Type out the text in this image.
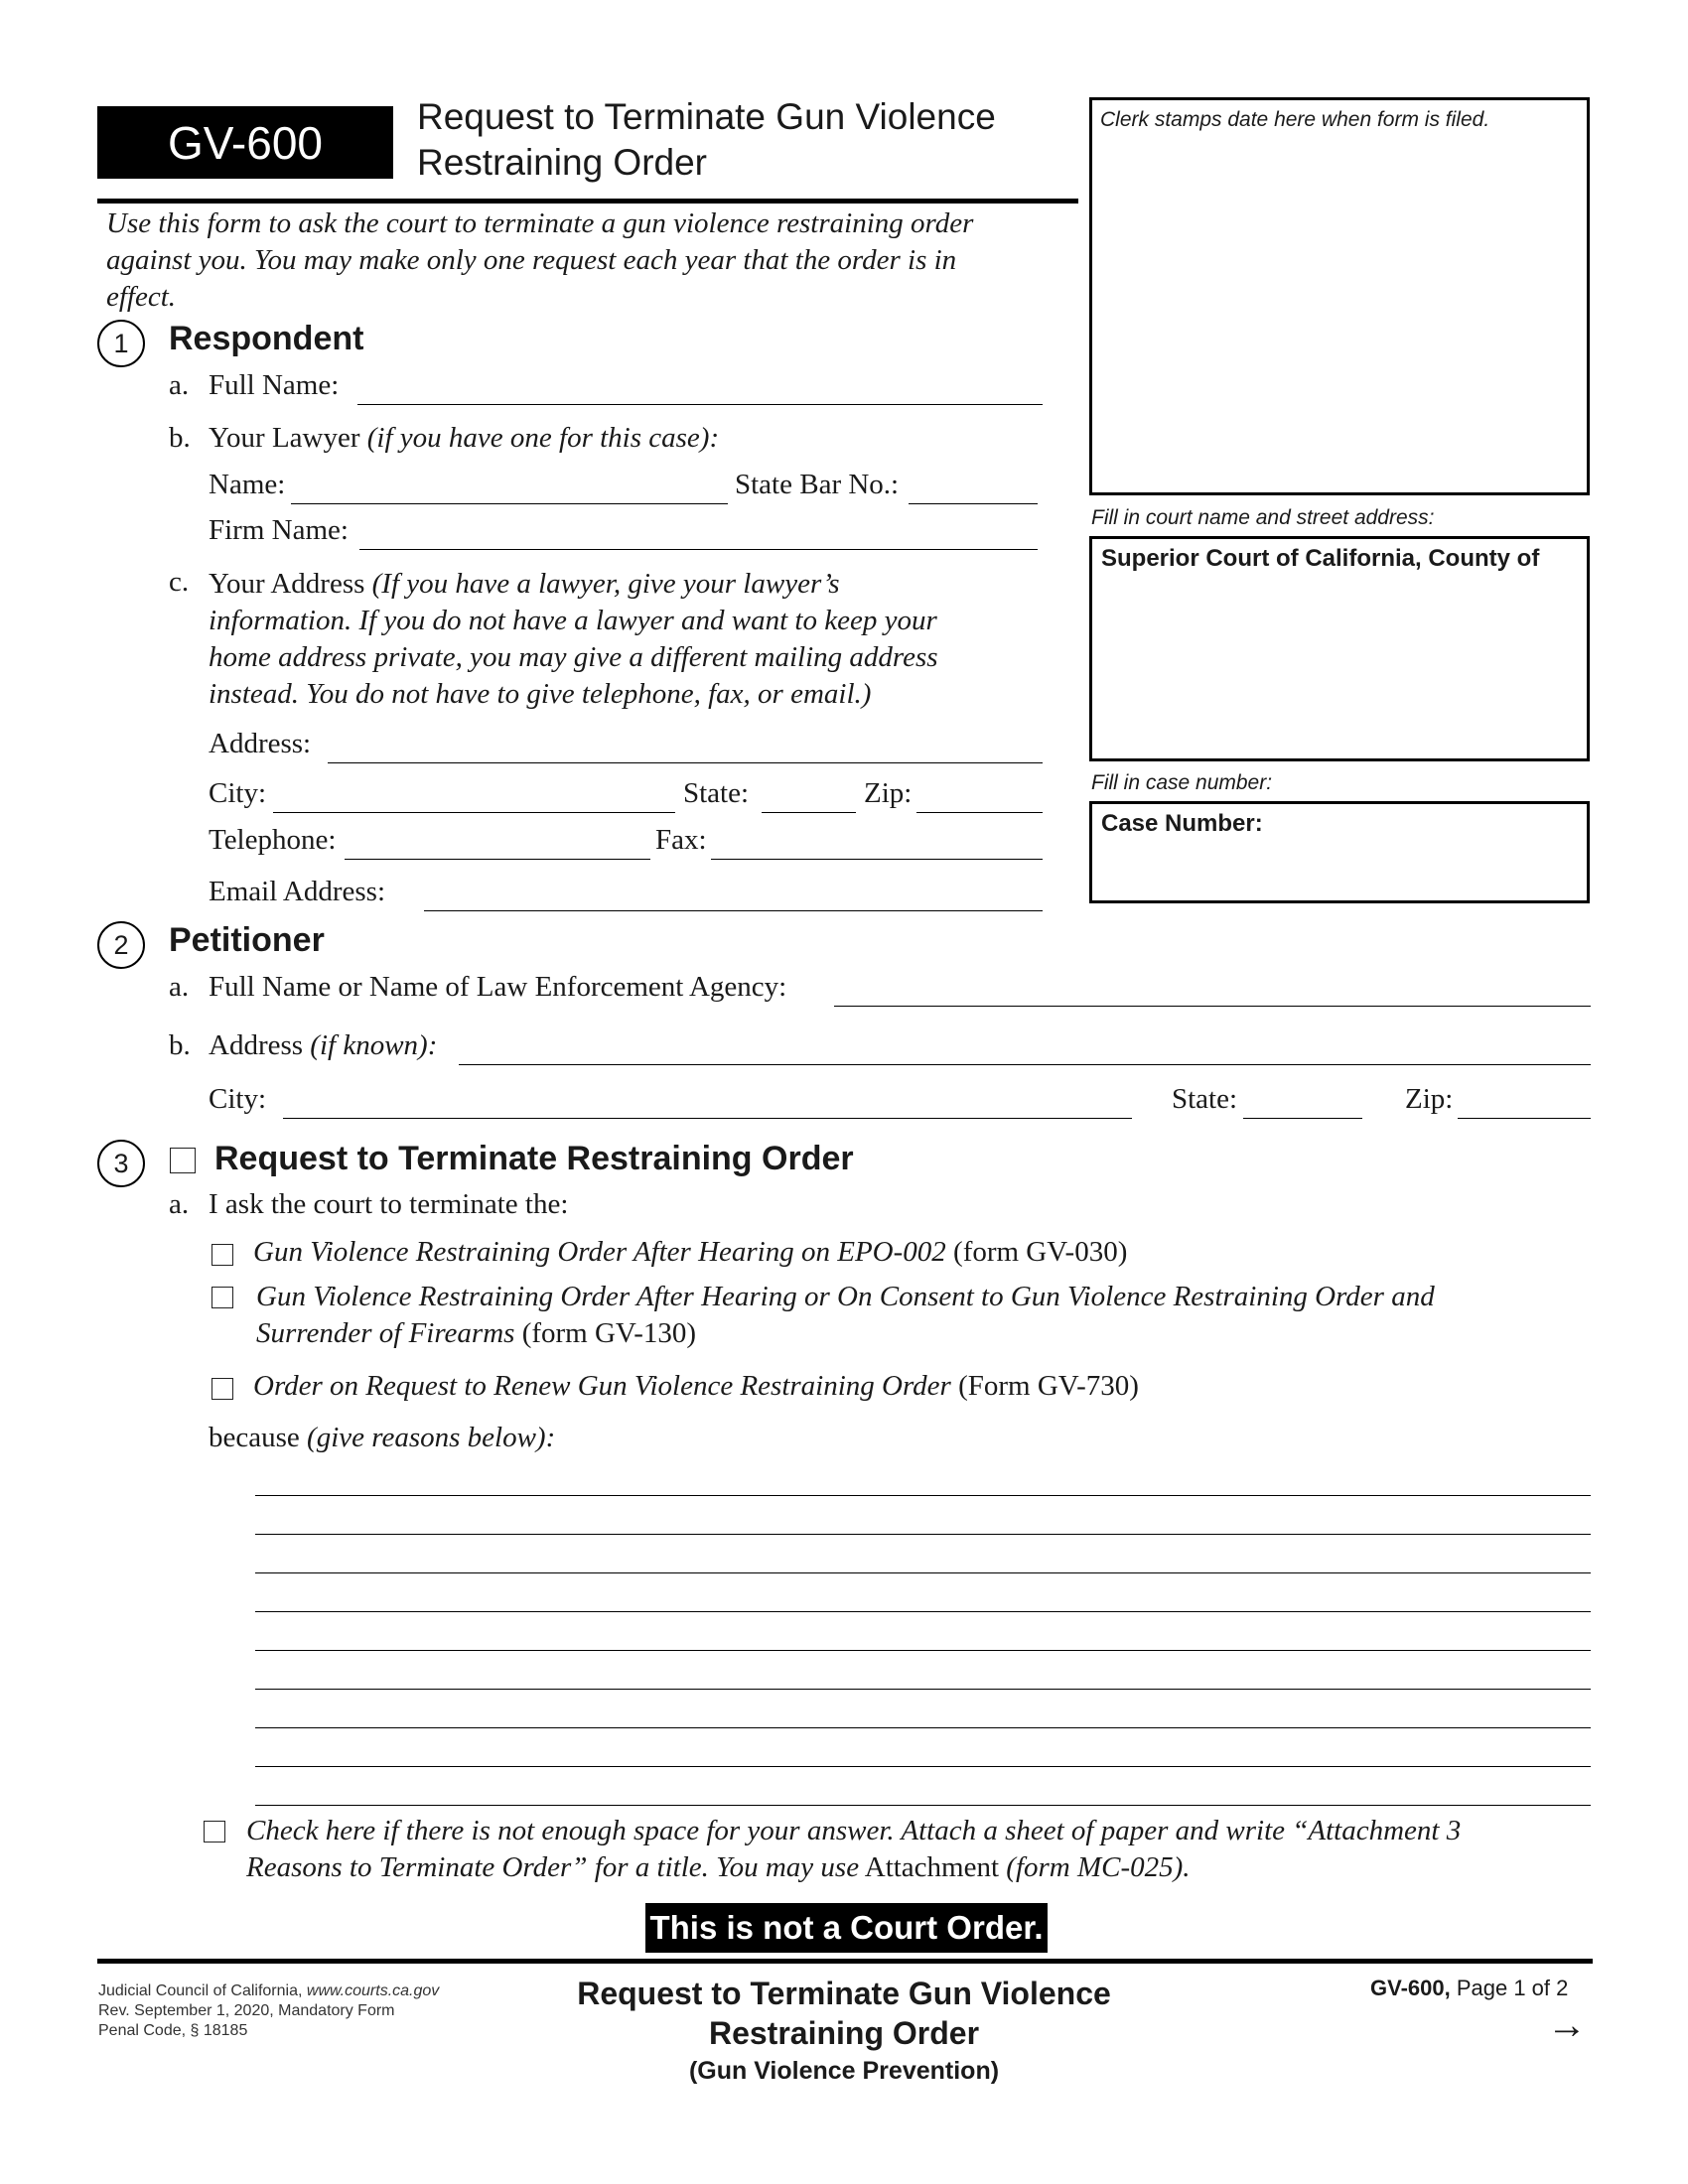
GV-600	Request to Terminate Gun Violence
Restraining Order
Use this form to ask the court to terminate a gun violence restraining order
against you. You may make only one request each year that the order is in
effect.
Clerk stamps date here when form is filed.
Fill in court name and street address:
Superior Court of California, County of
Fill in case number:
Case Number:
1 Respondent
a. Full Name:
b. Your Lawyer (if you have one for this case):
Name:	State Bar No.:
Firm Name:
c. Your Address (If you have a lawyer, give your lawyer’s
information. If you do not have a lawyer and want to keep your
home address private, you may give a different mailing address
instead. You do not have to give telephone, fax, or email.)
Address:
City:	State:	Zip:
Telephone:	Fax:
Email Address:
2 Petitioner
a. Full Name or Name of Law Enforcement Agency:
b. Address (if known):
City:	State:	Zip:
3	Request to Terminate Restraining Order
a. I ask the court to terminate the:
Gun Violence Restraining Order After Hearing on EPO-002 (form GV-030)
Gun Violence Restraining Order After Hearing or On Consent to Gun Violence Restraining Order and
Surrender of Firearms (form GV-130)
Order on Request to Renew Gun Violence Restraining Order (Form GV-730)
because (give reasons below):
Check here if there is not enough space for your answer. Attach a sheet of paper and write “Attachment 3
Reasons to Terminate Order” for a title. You may use Attachment (form MC-025).
This is not a Court Order.
Judicial Council of California, www.courts.ca.gov
Rev. September 1, 2020, Mandatory Form
Penal Code, § 18185
Request to Terminate Gun Violence
Restraining Order
(Gun Violence Prevention)
GV-600, Page 1 of 2
→
